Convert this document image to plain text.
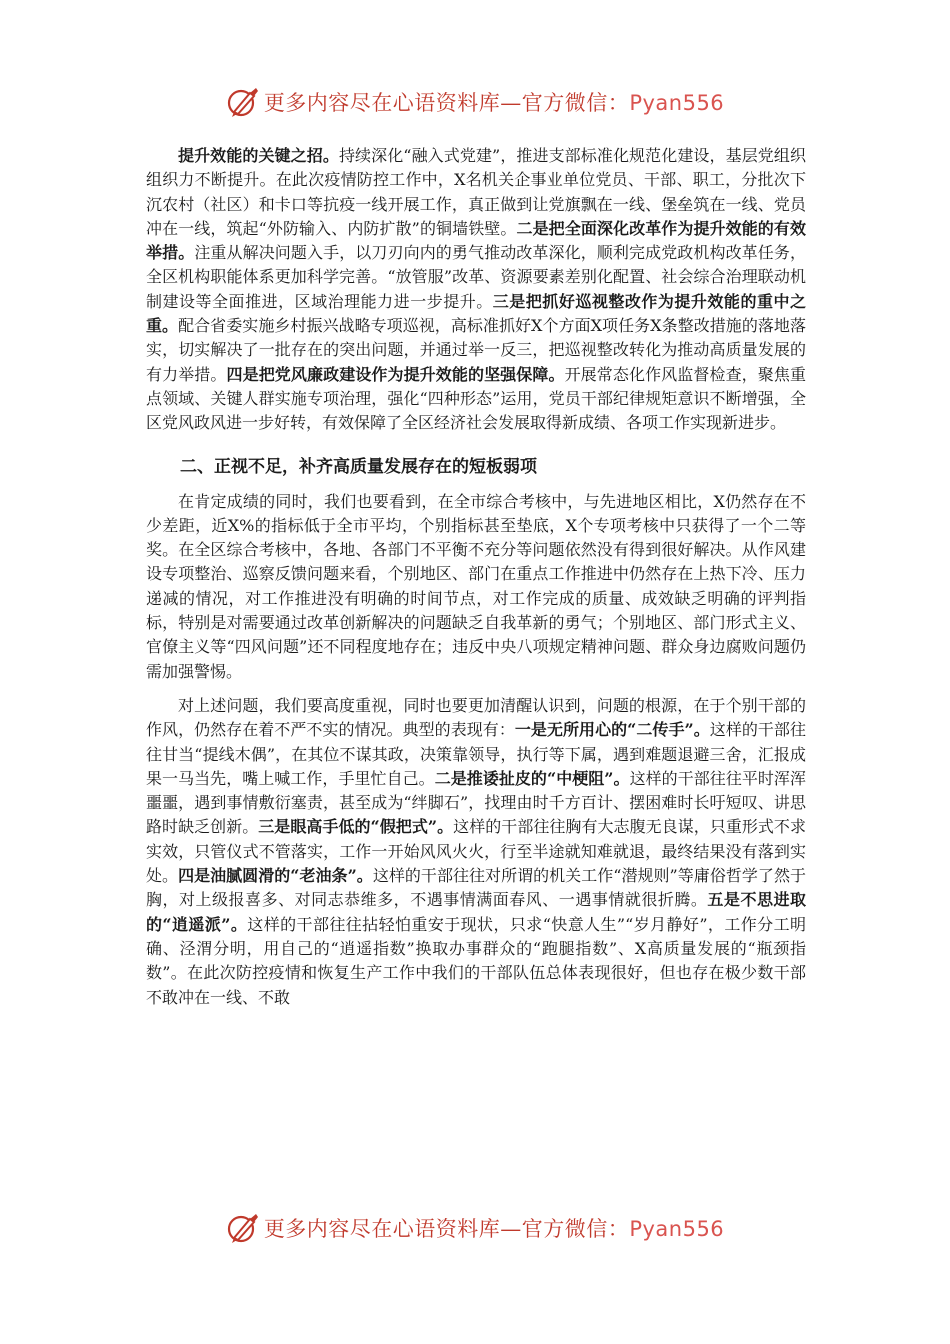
更多内容尽在心语资料库—官方微信：Pyan556

提升效能的关键之招。持续深化“融入式党建”，推进支部标准化规范化建设，基层党组织组织力不断提升。在此次疫情防控工作中，X名机关企事业单位党员、干部、职工，分批次下沉农村（社区）和卡口等抗疫一线开展工作，真正做到让党旗飘在一线、堡垒筑在一线、党员冲在一线，筑起“外防输入、内防扩散”的铜墙铁壁。二是把全面深化改革作为提升效能的有效举措。注重从解决问题入手，以刀刃向内的勇气推动改革深化，顺利完成党政机构改革任务，全区机构职能体系更加科学完善。“放管服”改革、资源要素差别化配置、社会综合治理联动机制建设等全面推进，区域治理能力进一步提升。三是把抓好巡视整改作为提升效能的重中之重。配合省委实施乡村振兴战略专项巡视，高标准抓好X个方面X项任务X条整改措施的落地落实，切实解决了一批存在的突出问题，并通过举一反三，把巡视整改转化为推动高质量发展的有力举措。四是把党风廉政建设作为提升效能的坚强保障。开展常态化作风监督检查，聚焦重点领域、关键人群实施专项治理，强化“四种形态”运用，党员干部纪律规矩意识不断增强，全区党风政风进一步好转，有效保障了全区经济社会发展取得新成绩、各项工作实现新进步。

二、正视不足，补齐高质量发展存在的短板弱项

在肯定成绩的同时，我们也要看到，在全市综合考核中，与先进地区相比，X仍然存在不少差距，近X%的指标低于全市平均，个别指标甚至垫底，X个专项考核中只获得了一个二等奖。在全区综合考核中，各地、各部门不平衡不充分等问题依然没有得到很好解决。从作风建设专项整治、巡察反馈问题来看，个别地区、部门在重点工作推进中仍然存在上热下冷、压力递减的情况，对工作推进没有明确的时间节点，对工作完成的质量、成效缺乏明确的评判指标，特别是对需要通过改革创新解决的问题缺乏自我革新的勇气；个别地区、部门形式主义、官僚主义等“四风问题”还不同程度地存在；违反中央八项规定精神问题、群众身边腐败问题仍需加强警惕。

对上述问题，我们要高度重视，同时也要更加清醒认识到，问题的根源，在于个别干部的作风，仍然存在着不严不实的情况。典型的表现有：一是无所用心的“二传手”。这样的干部往往甘当“提线木偶”，在其位不谋其政，决策靠领导，执行等下属，遇到难题退避三舍，汇报成果一马当先，嘴上喊工作，手里忙自己。二是推诿扯皮的“中梗阻”。这样的干部往往平时浑浑噩噩，遇到事情敷衍塞责，甚至成为“绊脚石”，找理由时千方百计、摆困难时长吁短叹、讲思路时缺乏创新。三是眼高手低的“假把式”。这样的干部往往胸有大志腹无良谋，只重形式不求实效，只管仪式不管落实，工作一开始风风火火，行至半途就知难就退，最终结果没有落到实处。四是油腻圆滑的“老油条”。这样的干部往往对所谓的机关工作“潜规则”等庸俗哲学了然于胸，对上级报喜多、对同志恭维多，不遇事情满面春风、一遇事情就很折腾。五是不思进取的“逍遥派”。这样的干部往往拈轻怕重安于现状，只求“快意人生”“岁月静好”，工作分工明确、泾渭分明，用自己的“逍遥指数”换取办事群众的“跑腿指数”、X高质量发展的“瓶颈指数”。在此次防控疫情和恢复生产工作中我们的干部队伍总体表现很好，但也存在极少数干部不敢冲在一线、不敢

更多内容尽在心语资料库—官方微信：Pyan556
